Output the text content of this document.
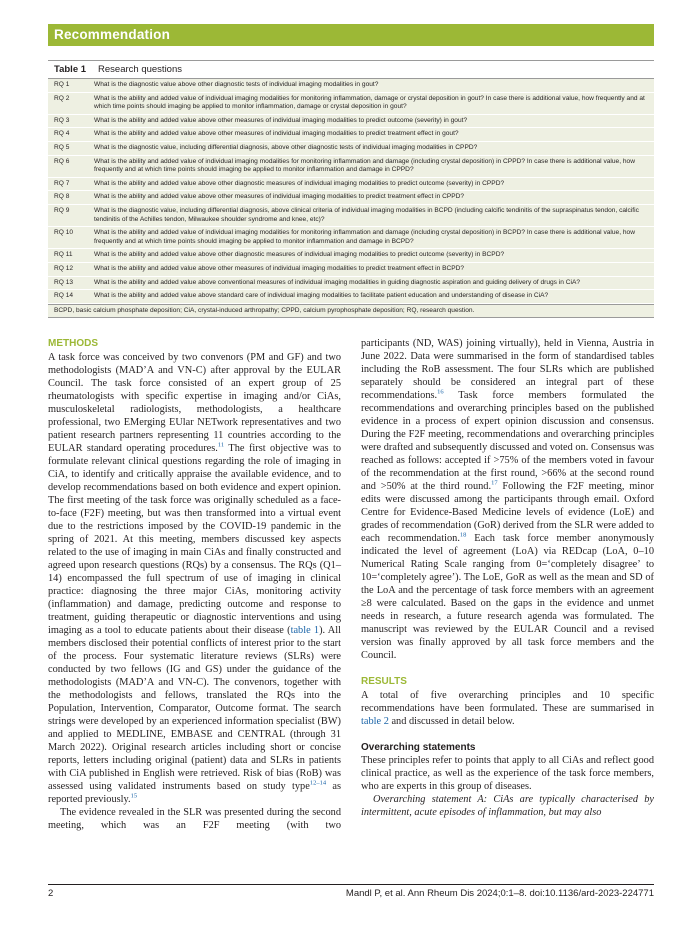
Recommendation
Table 1 Research questions
RQ 1	What is the diagnostic value above other diagnostic tests of individual imaging modalities in gout?
RQ 2	What is the ability and added value of individual imaging modalities for monitoring inflammation, damage or crystal deposition in gout? In case there is additional value, how frequently and at which time points should imaging be applied to monitor inflammation, damage or crystal deposition in gout?
RQ 3	What is the ability and added value above other measures of individual imaging modalities to predict outcome (severity) in gout?
RQ 4	What is the ability and added value above other measures of individual imaging modalities to predict treatment effect in gout?
RQ 5	What is the diagnostic value, including differential diagnosis, above other diagnostic tests of individual imaging modalities in CPPD?
RQ 6	What is the ability and added value of individual imaging modalities for monitoring inflammation and damage (including crystal deposition) in CPPD? In case there is additional value, how frequently and at which time points should imaging be applied to monitor inflammation and damage in CPPD?
RQ 7	What is the ability and added value above other diagnostic measures of individual imaging modalities to predict outcome (severity) in CPPD?
RQ 8	What is the ability and added value above other measures of individual imaging modalities to predict treatment effect in CPPD?
RQ 9	What is the diagnostic value, including differential diagnosis, above clinical criteria of individual imaging modalities in BCPD (including calcific tendinitis of the supraspinatus tendon, calcific tendinitis of the Achilles tendon, Milwaukee shoulder syndrome and knee, etc)?
RQ 10	What is the ability and added value of individual imaging modalities for monitoring inflammation and damage (including crystal deposition) in BCPD? In case there is additional value, how frequently and at which time points should imaging be applied to monitor inflammation and damage in BCPD?
RQ 11	What is the ability and added value above other diagnostic measures of individual imaging modalities to predict outcome (severity) in BCPD?
RQ 12	What is the ability and added value above other measures of individual imaging modalities to predict treatment effect in BCPD?
RQ 13	What is the ability and added value above conventional measures of individual imaging modalities in guiding diagnostic aspiration and guiding delivery of drugs in CiA?
RQ 14	What is the ability and added value above standard care of individual imaging modalities to facilitate patient education and understanding of disease in CiA?
BCPD, basic calcium phosphate deposition; CiA, crystal-induced arthropathy; CPPD, calcium pyrophosphate deposition; RQ, research question.
METHODS

A task force was conceived by two convenors (PM and GF) and two methodologists (MAD’A and VN-C) after approval by the EULAR Council. The task force consisted of an expert group of 25 rheumatologists with specific expertise in imaging and/or CiAs, musculoskeletal radiologists, methodologists, a healthcare professional, two EMerging EUlar NETwork representatives and two patient research partners representing 11 countries according to the EULAR standard operating procedures.$^{11}$ The first objective was to formulate relevant clinical questions regarding the role of imaging in CiA, to identify and critically appraise the available evidence, and to develop recommendations based on both evidence and expert opinion. The first meeting of the task force was originally scheduled as a face-to-face (F2F) meeting, but was then transformed into a virtual event due to the restrictions imposed by the COVID-19 pandemic in the spring of 2021. At this meeting, members discussed key aspects related to the use of imaging in main CiAs and finally constructed and agreed upon research questions (RQs) by a consensus. The RQs (Q1–14) encompassed the full spectrum of use of imaging in clinical practice: diagnosing the three major CiAs, monitoring activity (inflammation) and damage, predicting outcome and response to treatment, guiding therapeutic or diagnostic interventions and using imaging as a tool to educate patients about their disease (table 1). All members disclosed their potential conflicts of interest prior to the start of the process. Four systematic literature reviews (SLRs) were conducted by two fellows (IG and GS) under the guidance of the methodologists (MAD’A and VN-C). The convenors, together with the methodologists and fellows, translated the RQs into the Population, Intervention, Comparator, Outcome format. The search strings were developed by an experienced information specialist (BW) and applied to MEDLINE, EMBASE and CENTRAL (through 31 March 2022). Original research articles including short or concise reports, letters including original (patient) data and SLRs in patients with CiA published in English were retrieved. Risk of bias (RoB) was assessed using validated instruments based on study type$^{12-14}$ as reported previously.$^{15}$

The evidence revealed in the SLR was presented during the second meeting, which was an F2F meeting (with two

participants (ND, WAS) joining virtually), held in Vienna, Austria in June 2022. Data were summarised in the form of standardised tables including the RoB assessment. The four SLRs which are published separately should be considered an integral part of these recommendations.$^{16}$ Task force members formulated the recommendations and overarching principles based on the published evidence in a process of expert opinion discussion and consensus. During the F2F meeting, recommendations and overarching principles were drafted and subsequently discussed and voted on. Consensus was reached as follows: accepted if >75% of the members voted in favour of the recommendation at the first round, >66% at the second round and >50% at the third round.$^{17}$ Following the F2F meeting, minor edits were discussed among the participants through email. Oxford Centre for Evidence-Based Medicine levels of evidence (LoE) and grades of recommendation (GoR) derived from the SLR were added to each recommendation.$^{18}$ Each task force member anonymously indicated the level of agreement (LoA) via REDcap (LoA, 0–10 Numerical Rating Scale ranging from 0=‘completely disagree’ to 10=‘completely agree’). The LoE, GoR as well as the mean and SD of the LoA and the percentage of task force members with an agreement ≥8 were calculated. Based on the gaps in the evidence and unmet needs in research, a future research agenda was formulated. The manuscript was reviewed by the EULAR Council and a revised version was finally approved by all task force members and the Council.

RESULTS

A total of five overarching principles and 10 specific recommendations have been formulated. These are summarised in table 2 and discussed in detail below.

Overarching statements

These principles refer to points that apply to all CiAs and reflect good clinical practice, as well as the experience of the task force members, who are experts in this group of diseases.

Overarching statement A: CiAs are typically characterised by intermittent, acute episodes of inflammation, but may also

2	Mandl P, et al. Ann Rheum Dis 2024;0:1–8. doi:10.1136/ard-2023-224771
